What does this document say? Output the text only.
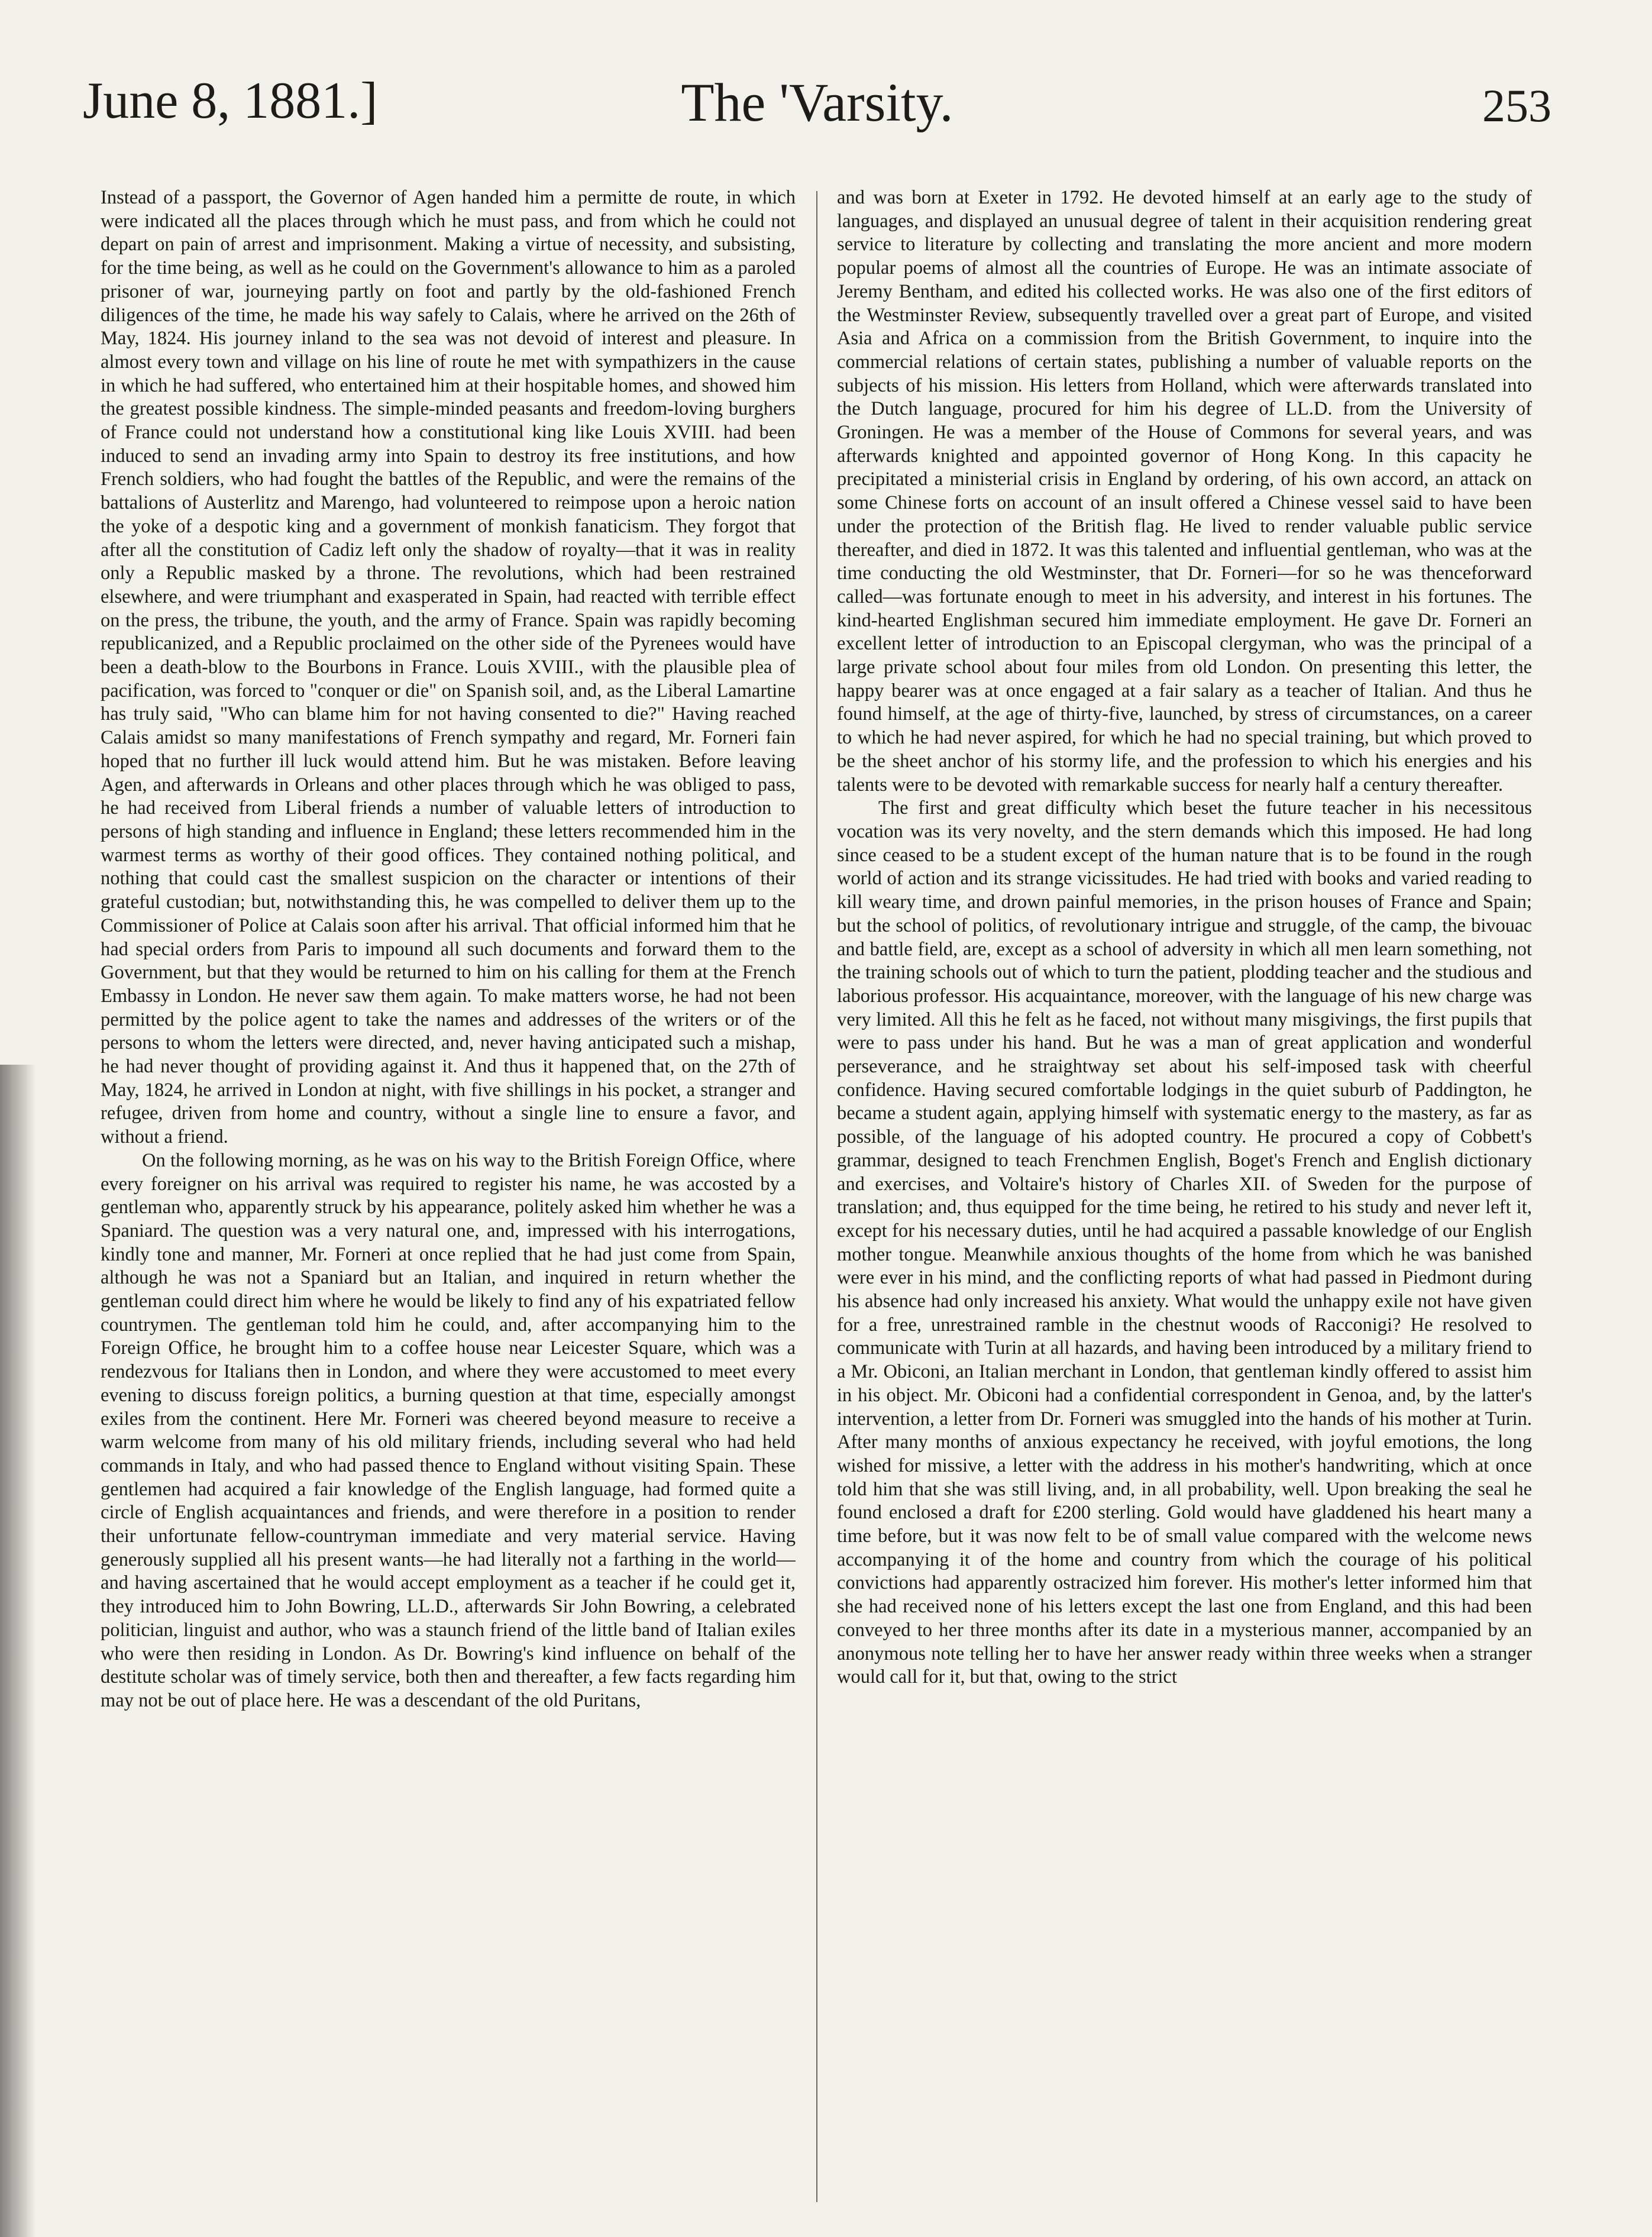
June 8, 1881.]	The 'Varsity.	253

Instead of a passport, the Governor of Agen handed him a permitte de route, in which were indicated all the places through which he must pass, and from which he could not depart on pain of arrest and imprisonment. Making a virtue of necessity, and subsisting, for the time being, as well as he could on the Government's allowance to him as a paroled prisoner of war, journeying partly on foot and partly by the old-fashioned French diligences of the time, he made his way safely to Calais, where he arrived on the 26th of May, 1824. His journey inland to the sea was not devoid of interest and pleasure. In almost every town and village on his line of route he met with sympathizers in the cause in which he had suffered, who entertained him at their hospitable homes, and showed him the greatest possible kindness. The simple-minded peasants and freedom-loving burghers of France could not understand how a constitutional king like Louis XVIII. had been induced to send an invading army into Spain to destroy its free institutions, and how French soldiers, who had fought the battles of the Republic, and were the remains of the battalions of Austerlitz and Marengo, had volunteered to reimpose upon a heroic nation the yoke of a despotic king and a government of monkish fanaticism. They forgot that after all the constitution of Cadiz left only the shadow of royalty—that it was in reality only a Republic masked by a throne. The revolutions, which had been restrained elsewhere, and were triumphant and exasperated in Spain, had reacted with terrible effect on the press, the tribune, the youth, and the army of France. Spain was rapidly becoming republicanized, and a Republic proclaimed on the other side of the Pyrenees would have been a death-blow to the Bourbons in France. Louis XVIII., with the plausible plea of pacification, was forced to "conquer or die" on Spanish soil, and, as the Liberal Lamartine has truly said, "Who can blame him for not having consented to die?" Having reached Calais amidst so many manifestations of French sympathy and regard, Mr. Forneri fain hoped that no further ill luck would attend him. But he was mistaken. Before leaving Agen, and afterwards in Orleans and other places through which he was obliged to pass, he had received from Liberal friends a number of valuable letters of introduction to persons of high standing and influence in England; these letters recommended him in the warmest terms as worthy of their good offices. They contained nothing political, and nothing that could cast the smallest suspicion on the character or intentions of their grateful custodian; but, notwithstanding this, he was compelled to deliver them up to the Commissioner of Police at Calais soon after his arrival. That official informed him that he had special orders from Paris to impound all such documents and forward them to the Government, but that they would be returned to him on his calling for them at the French Embassy in London. He never saw them again. To make matters worse, he had not been permitted by the police agent to take the names and addresses of the writers or of the persons to whom the letters were directed, and, never having anticipated such a mishap, he had never thought of providing against it. And thus it happened that, on the 27th of May, 1824, he arrived in London at night, with five shillings in his pocket, a stranger and refugee, driven from home and country, without a single line to ensure a favor, and without a friend.

On the following morning, as he was on his way to the British Foreign Office, where every foreigner on his arrival was required to register his name, he was accosted by a gentleman who, apparently struck by his appearance, politely asked him whether he was a Spaniard. The question was a very natural one, and, impressed with his interrogations, kindly tone and manner, Mr. Forneri at once replied that he had just come from Spain, although he was not a Spaniard but an Italian, and inquired in return whether the gentleman could direct him where he would be likely to find any of his expatriated fellow countrymen. The gentleman told him he could, and, after accompanying him to the Foreign Office, he brought him to a coffee house near Leicester Square, which was a rendezvous for Italians then in London, and where they were accustomed to meet every evening to discuss foreign politics, a burning question at that time, especially amongst exiles from the continent. Here Mr. Forneri was cheered beyond measure to receive a warm welcome from many of his old military friends, including several who had held commands in Italy, and who had passed thence to England without visiting Spain. These gentlemen had acquired a fair knowledge of the English language, had formed quite a circle of English acquaintances and friends, and were therefore in a position to render their unfortunate fellow-countryman immediate and very material service. Having generously supplied all his present wants—he had literally not a farthing in the world—and having ascertained that he would accept employment as a teacher if he could get it, they introduced him to John Bowring, LL.D., afterwards Sir John Bowring, a celebrated politician, linguist and author, who was a staunch friend of the little band of Italian exiles who were then residing in London. As Dr. Bowring's kind influence on behalf of the destitute scholar was of timely service, both then and thereafter, a few facts regarding him may not be out of place here. He was a descendant of the old Puritans,

and was born at Exeter in 1792. He devoted himself at an early age to the study of languages, and displayed an unusual degree of talent in their acquisition rendering great service to literature by collecting and translating the more ancient and more modern popular poems of almost all the countries of Europe. He was an intimate associate of Jeremy Bentham, and edited his collected works. He was also one of the first editors of the Westminster Review, subsequently travelled over a great part of Europe, and visited Asia and Africa on a commission from the British Government, to inquire into the commercial relations of certain states, publishing a number of valuable reports on the subjects of his mission. His letters from Holland, which were afterwards translated into the Dutch language, procured for him his degree of LL.D. from the University of Groningen. He was a member of the House of Commons for several years, and was afterwards knighted and appointed governor of Hong Kong. In this capacity he precipitated a ministerial crisis in England by ordering, of his own accord, an attack on some Chinese forts on account of an insult offered a Chinese vessel said to have been under the protection of the British flag. He lived to render valuable public service thereafter, and died in 1872. It was this talented and influential gentleman, who was at the time conducting the old Westminster, that Dr. Forneri—for so he was thenceforward called—was fortunate enough to meet in his adversity, and interest in his fortunes. The kind-hearted Englishman secured him immediate employment. He gave Dr. Forneri an excellent letter of introduction to an Episcopal clergyman, who was the principal of a large private school about four miles from old London. On presenting this letter, the happy bearer was at once engaged at a fair salary as a teacher of Italian. And thus he found himself, at the age of thirty-five, launched, by stress of circumstances, on a career to which he had never aspired, for which he had no special training, but which proved to be the sheet anchor of his stormy life, and the profession to which his energies and his talents were to be devoted with remarkable success for nearly half a century thereafter.

The first and great difficulty which beset the future teacher in his necessitous vocation was its very novelty, and the stern demands which this imposed. He had long since ceased to be a student except of the human nature that is to be found in the rough world of action and its strange vicissitudes. He had tried with books and varied reading to kill weary time, and drown painful memories, in the prison houses of France and Spain; but the school of politics, of revolutionary intrigue and struggle, of the camp, the bivouac and battle field, are, except as a school of adversity in which all men learn something, not the training schools out of which to turn the patient, plodding teacher and the studious and laborious professor. His acquaintance, moreover, with the language of his new charge was very limited. All this he felt as he faced, not without many misgivings, the first pupils that were to pass under his hand. But he was a man of great application and wonderful perseverance, and he straightway set about his self-imposed task with cheerful confidence. Having secured comfortable lodgings in the quiet suburb of Paddington, he became a student again, applying himself with systematic energy to the mastery, as far as possible, of the language of his adopted country. He procured a copy of Cobbett's grammar, designed to teach Frenchmen English, Boget's French and English dictionary and exercises, and Voltaire's history of Charles XII. of Sweden for the purpose of translation; and, thus equipped for the time being, he retired to his study and never left it, except for his necessary duties, until he had acquired a passable knowledge of our English mother tongue. Meanwhile anxious thoughts of the home from which he was banished were ever in his mind, and the conflicting reports of what had passed in Piedmont during his absence had only increased his anxiety. What would the unhappy exile not have given for a free, unrestrained ramble in the chestnut woods of Racconigi? He resolved to communicate with Turin at all hazards, and having been introduced by a military friend to a Mr. Obiconi, an Italian merchant in London, that gentleman kindly offered to assist him in his object. Mr. Obiconi had a confidential correspondent in Genoa, and, by the latter's intervention, a letter from Dr. Forneri was smuggled into the hands of his mother at Turin. After many months of anxious expectancy he received, with joyful emotions, the long wished for missive, a letter with the address in his mother's handwriting, which at once told him that she was still living, and, in all probability, well. Upon breaking the seal he found enclosed a draft for £200 sterling. Gold would have gladdened his heart many a time before, but it was now felt to be of small value compared with the welcome news accompanying it of the home and country from which the courage of his political convictions had apparently ostracized him forever. His mother's letter informed him that she had received none of his letters except the last one from England, and this had been conveyed to her three months after its date in a mysterious manner, accompanied by an anonymous note telling her to have her answer ready within three weeks when a stranger would call for it, but that, owing to the strict
